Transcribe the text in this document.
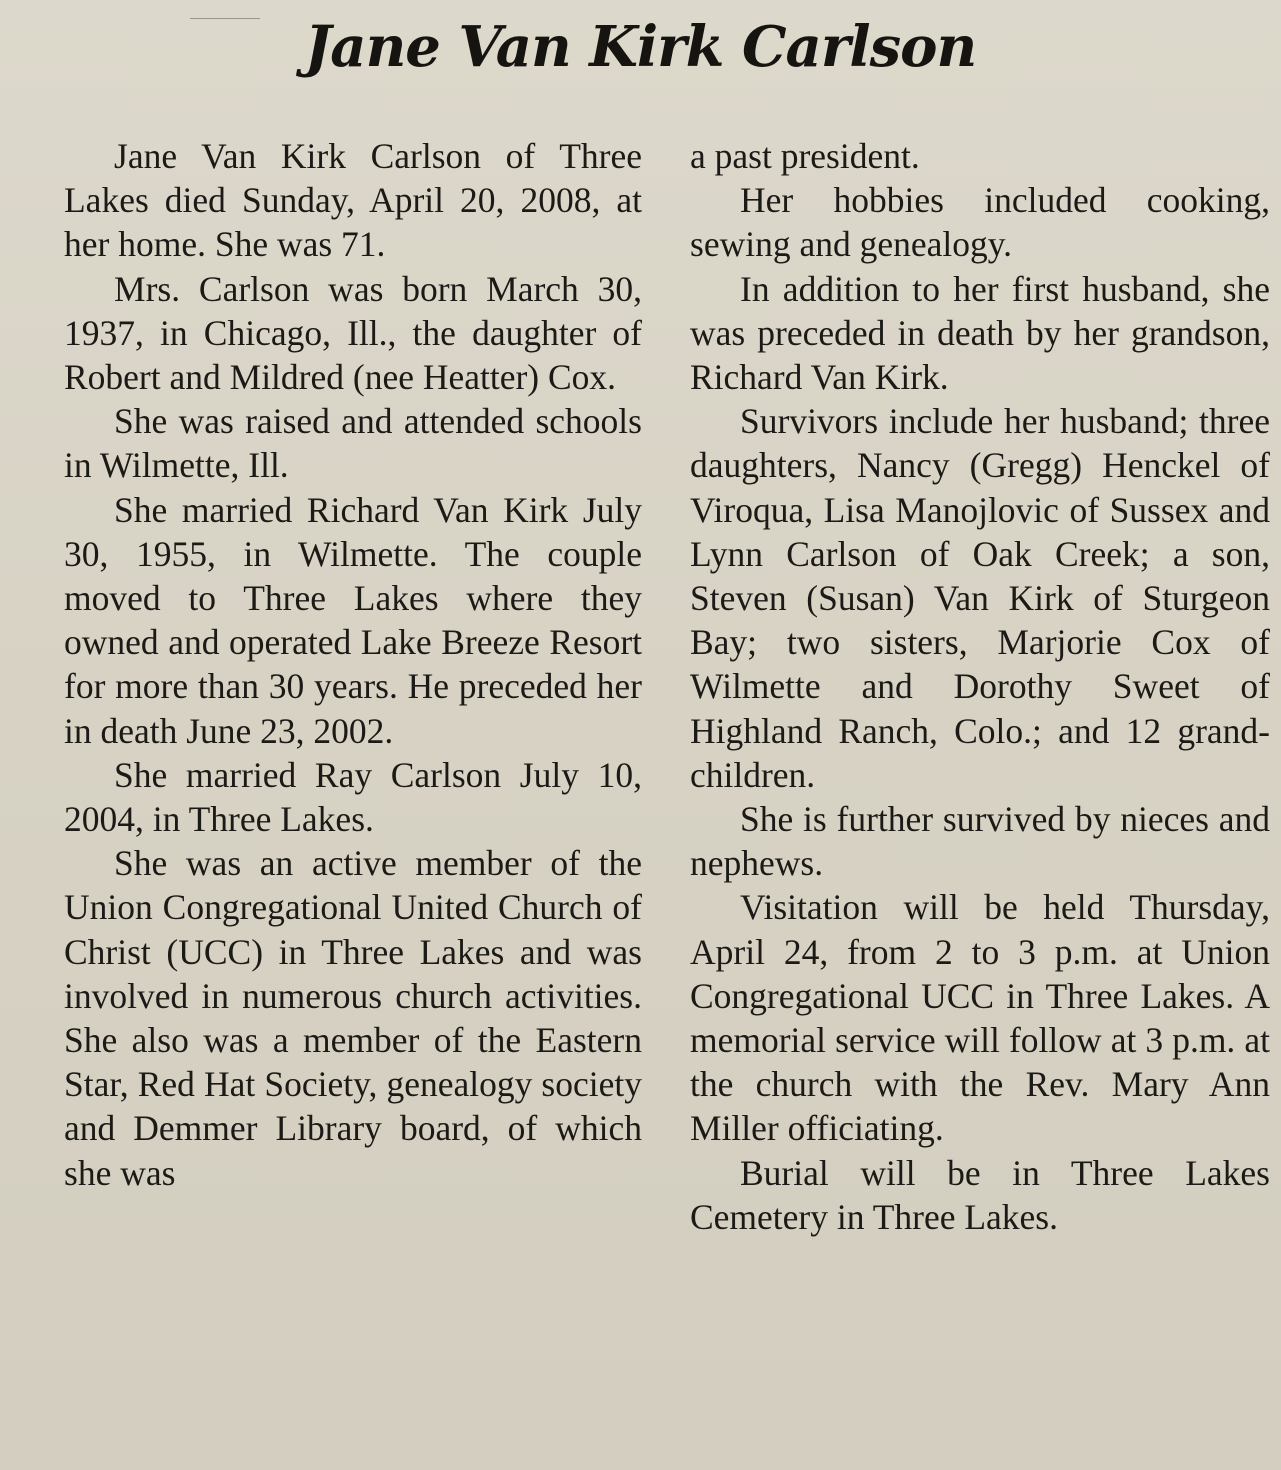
Jane Van Kirk Carlson

Jane Van Kirk Carlson of Three Lakes died Sunday, April 20, 2008, at her home. She was 71.

Mrs. Carlson was born March 30, 1937, in Chicago, Ill., the daughter of Robert and Mildred (nee Heatter) Cox.

She was raised and attended schools in Wilmette, Ill.

She married Richard Van Kirk July 30, 1955, in Wilmette. The couple moved to Three Lakes where they owned and operated Lake Breeze Resort for more than 30 years. He preceded her in death June 23, 2002.

She married Ray Carlson July 10, 2004, in Three Lakes.

She was an active member of the Union Congregational United Church of Christ (UCC) in Three Lakes and was involved in numerous church activities. She also was a member of the Eastern Star, Red Hat Society, genealogy society and Demmer Library board, of which she was

a past president.

Her hobbies included cooking, sewing and genealogy.

In addition to her first husband, she was preceded in death by her grandson, Richard Van Kirk.

Survivors include her husband; three daughters, Nancy (Gregg) Henckel of Viroqua, Lisa Manojlovic of Sussex and Lynn Carlson of Oak Creek; a son, Steven (Susan) Van Kirk of Sturgeon Bay; two sisters, Marjorie Cox of Wilmette and Dorothy Sweet of Highland Ranch, Colo.; and 12 grandchildren.

She is further survived by nieces and nephews.

Visitation will be held Thursday, April 24, from 2 to 3 p.m. at Union Congregational UCC in Three Lakes. A memorial service will follow at 3 p.m. at the church with the Rev. Mary Ann Miller officiating.

Burial will be in Three Lakes Cemetery in Three Lakes.
